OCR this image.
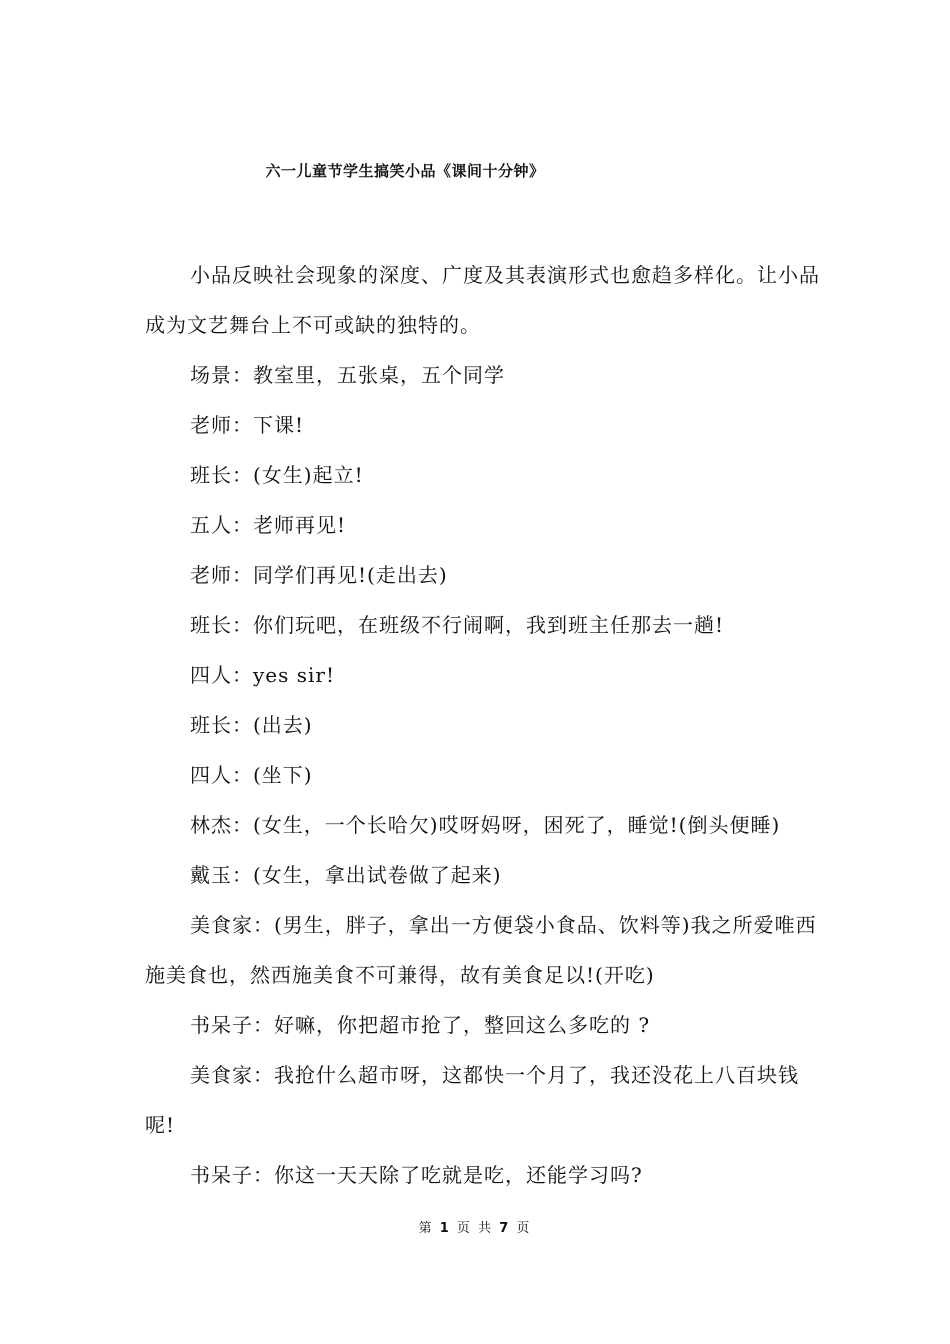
六一儿童节学生搞笑小品《课间十分钟》

小品反映社会现象的深度、广度及其表演形式也愈趋多样化。让小品成为文艺舞台上不可或缺的独特的。

场景：教室里，五张桌，五个同学

老师：下课!

班长：(女生)起立!

五人：老师再见!

老师：同学们再见!(走出去)

班长：你们玩吧，在班级不行闹啊，我到班主任那去一趟!

四人：yes sir!

班长：(出去)

四人：(坐下)

林杰：(女生，一个长哈欠)哎呀妈呀，困死了，睡觉!(倒头便睡)

戴玉：(女生，拿出试卷做了起来)

美食家：(男生，胖子，拿出一方便袋小食品、饮料等)我之所爱唯西施美食也，然西施美食不可兼得，故有美食足以!(开吃)

书呆子：好嘛，你把超市抢了，整回这么多吃的 ?

美食家：我抢什么超市呀，这都快一个月了，我还没花上八百块钱呢!

书呆子：你这一天天除了吃就是吃，还能学习吗?

第 1 页 共 7 页
